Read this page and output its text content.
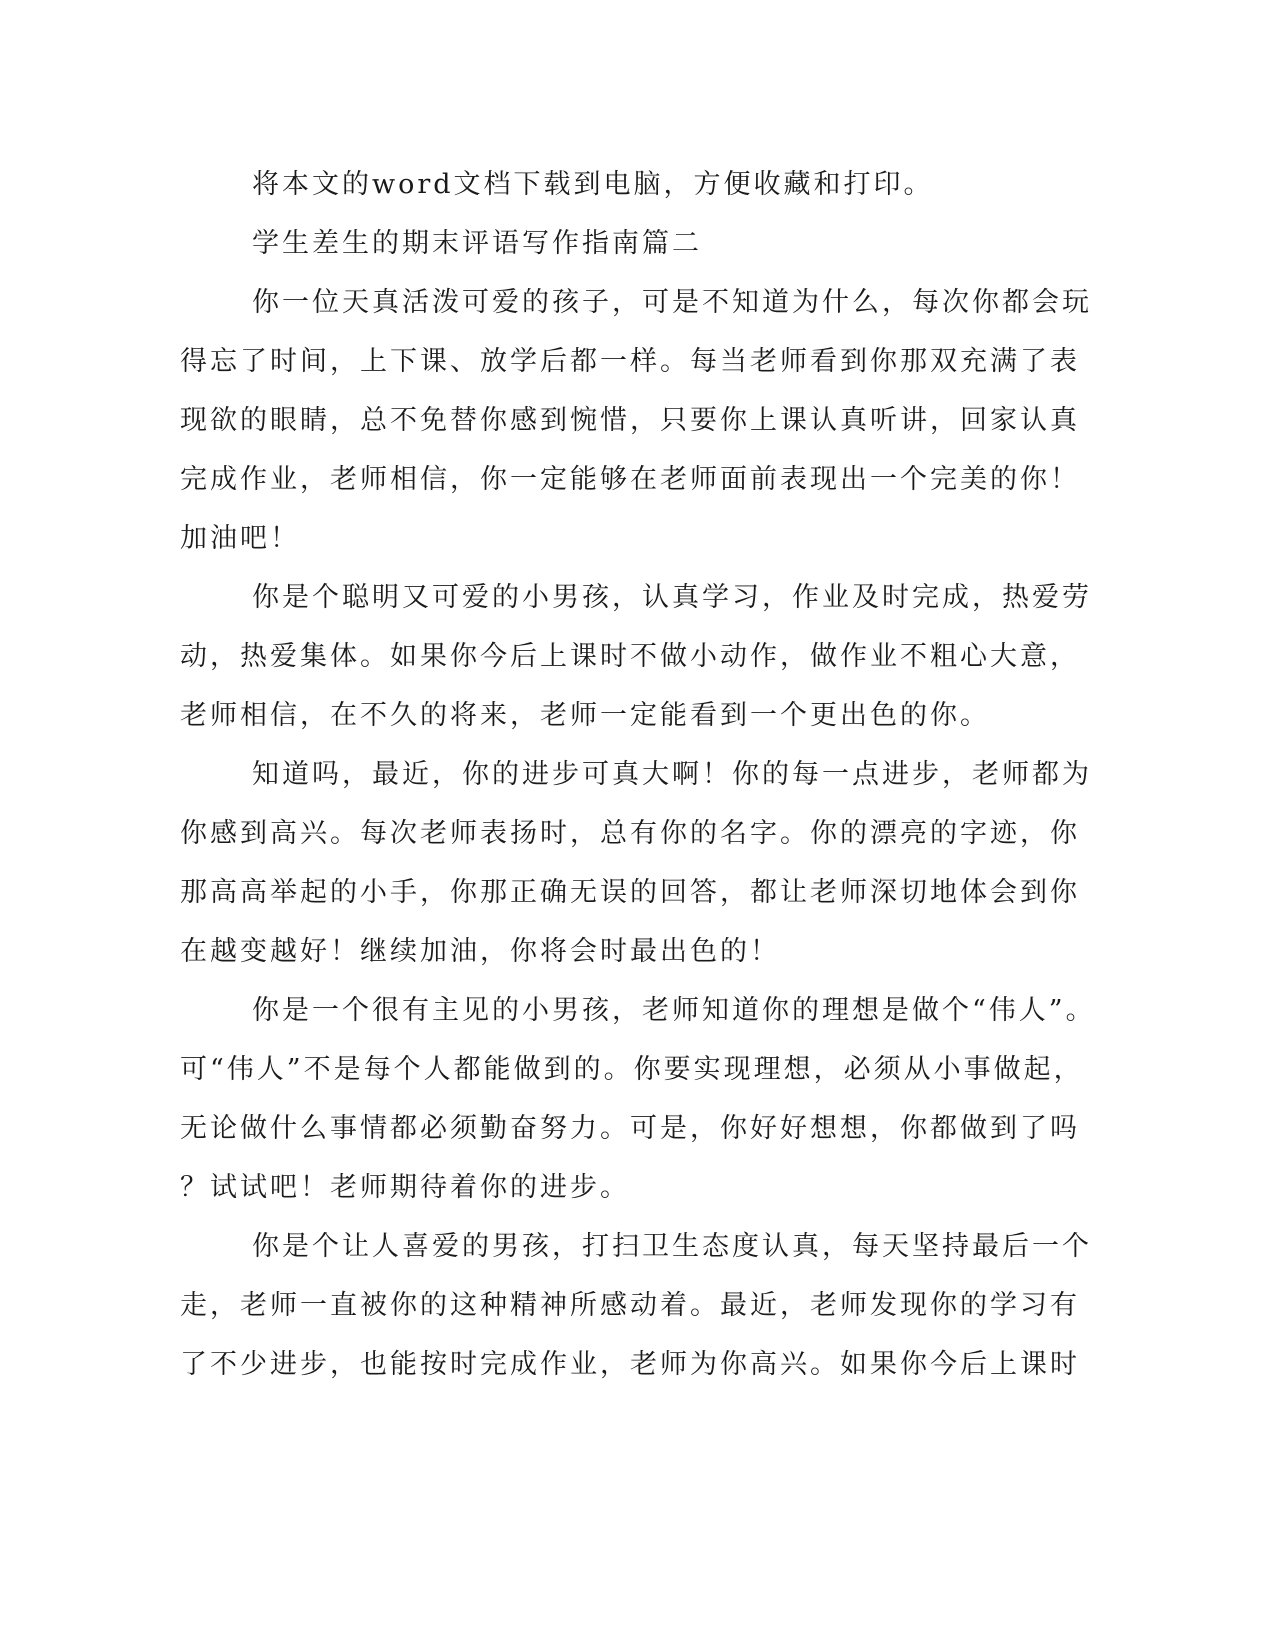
将本文的word文档下载到电脑，方便收藏和打印。
学生差生的期末评语写作指南篇二
你一位天真活泼可爱的孩子，可是不知道为什么，每次你都会玩
得忘了时间，上下课、放学后都一样。每当老师看到你那双充满了表
现欲的眼睛，总不免替你感到惋惜，只要你上课认真听讲，回家认真
完成作业，老师相信，你一定能够在老师面前表现出一个完美的你！
加油吧！
你是个聪明又可爱的小男孩，认真学习，作业及时完成，热爱劳
动，热爱集体。如果你今后上课时不做小动作，做作业不粗心大意，
老师相信，在不久的将来，老师一定能看到一个更出色的你。
知道吗，最近，你的进步可真大啊！你的每一点进步，老师都为
你感到高兴。每次老师表扬时，总有你的名字。你的漂亮的字迹，你
那高高举起的小手，你那正确无误的回答，都让老师深切地体会到你
在越变越好！继续加油，你将会时最出色的！
你是一个很有主见的小男孩，老师知道你的理想是做个“伟人”。
可“伟人”不是每个人都能做到的。你要实现理想，必须从小事做起，
无论做什么事情都必须勤奋努力。可是，你好好想想，你都做到了吗
？试试吧！老师期待着你的进步。
你是个让人喜爱的男孩，打扫卫生态度认真，每天坚持最后一个
走，老师一直被你的这种精神所感动着。最近，老师发现你的学习有
了不少进步，也能按时完成作业，老师为你高兴。如果你今后上课时
